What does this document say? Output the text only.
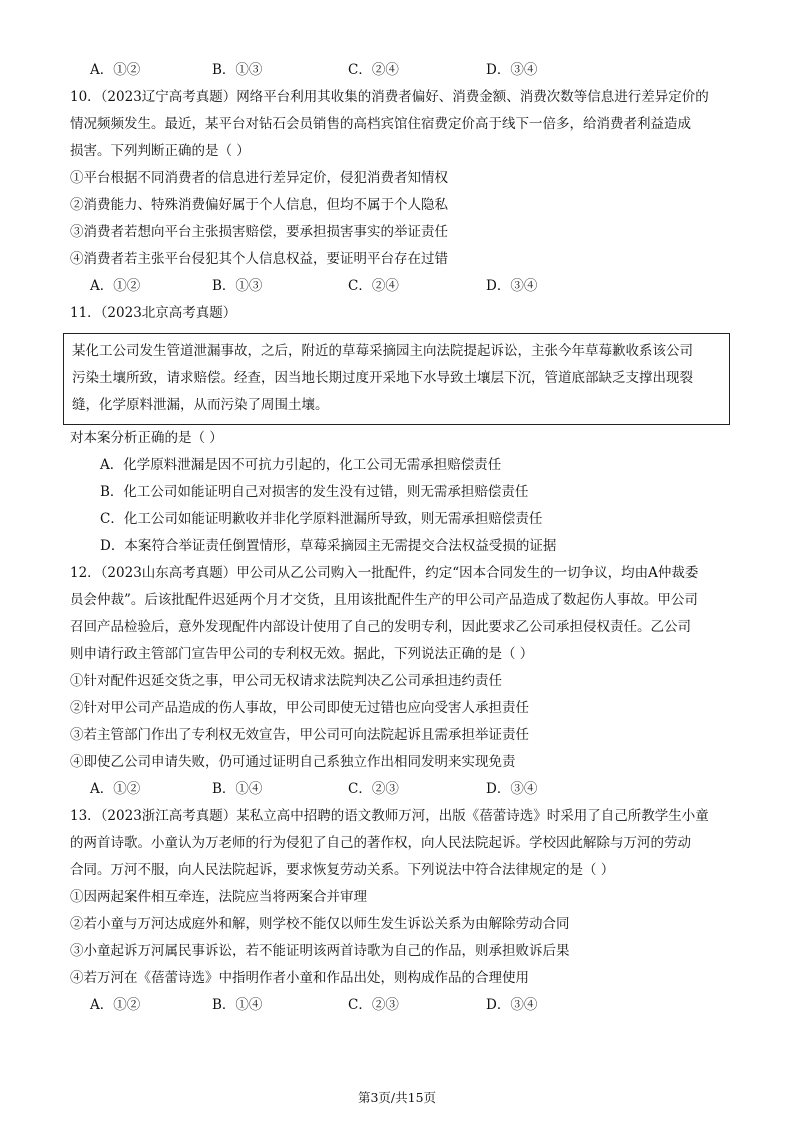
A．①②	B．①③	C．②④	D．③④
10．（2023辽宁高考真题）网络平台利用其收集的消费者偏好、消费金额、消费次数等信息进行差异定价的
情况频频发生。最近，某平台对钻石会员销售的高档宾馆住宿费定价高于线下一倍多，给消费者利益造成
损害。下列判断正确的是（ ）
①平台根据不同消费者的信息进行差异定价，侵犯消费者知情权
②消费能力、特殊消费偏好属于个人信息，但均不属于个人隐私
③消费者若想向平台主张损害赔偿，要承担损害事实的举证责任
④消费者若主张平台侵犯其个人信息权益，要证明平台存在过错
A．①②	B．①③	C．②④	D．③④
11．（2023北京高考真题）
某化工公司发生管道泄漏事故，之后，附近的草莓采摘园主向法院提起诉讼，主张今年草莓歉收系该公司
污染土壤所致，请求赔偿。经查，因当地长期过度开采地下水导致土壤层下沉，管道底部缺乏支撑出现裂
缝，化学原料泄漏，从而污染了周围土壤。
对本案分析正确的是（ ）
A．化学原料泄漏是因不可抗力引起的，化工公司无需承担赔偿责任
B．化工公司如能证明自己对损害的发生没有过错，则无需承担赔偿责任
C．化工公司如能证明歉收并非化学原料泄漏所导致，则无需承担赔偿责任
D．本案符合举证责任倒置情形，草莓采摘园主无需提交合法权益受损的证据
12．（2023山东高考真题）甲公司从乙公司购入一批配件，约定“因本合同发生的一切争议，均由A仲裁委
员会仲裁”。后该批配件迟延两个月才交货，且用该批配件生产的甲公司产品造成了数起伤人事故。甲公司
召回产品检验后，意外发现配件内部设计使用了自己的发明专利，因此要求乙公司承担侵权责任。乙公司
则申请行政主管部门宣告甲公司的专利权无效。据此，下列说法正确的是（ ）
①针对配件迟延交货之事，甲公司无权请求法院判决乙公司承担违约责任
②针对甲公司产品造成的伤人事故，甲公司即使无过错也应向受害人承担责任
③若主管部门作出了专利权无效宣告，甲公司可向法院起诉且需承担举证责任
④即使乙公司申请失败，仍可通过证明自己系独立作出相同发明来实现免责
A．①②	B．①④	C．②③	D．③④
13．（2023浙江高考真题）某私立高中招聘的语文教师万河，出版《蓓蕾诗选》时采用了自己所教学生小童
的两首诗歌。小童认为万老师的行为侵犯了自己的著作权，向人民法院起诉。学校因此解除与万河的劳动
合同。万河不服，向人民法院起诉，要求恢复劳动关系。下列说法中符合法律规定的是（ ）
①因两起案件相互牵连，法院应当将两案合并审理
②若小童与万河达成庭外和解，则学校不能仅以师生发生诉讼关系为由解除劳动合同
③小童起诉万河属民事诉讼，若不能证明该两首诗歌为自己的作品，则承担败诉后果
④若万河在《蓓蕾诗选》中指明作者小童和作品出处，则构成作品的合理使用
A．①②	B．①④	C．②③	D．③④
第3页/共15页
